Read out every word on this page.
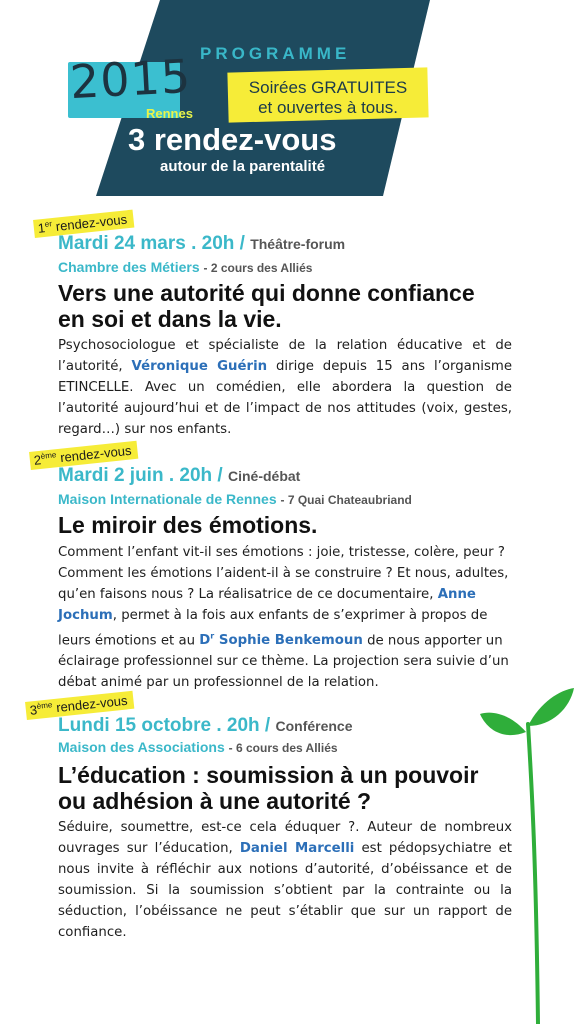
PROGRAMME
2015
Rennes
Soirées GRATUITES
et ouvertes à tous.
3 rendez-vous
autour de la parentalité
1er rendez-vous
Mardi 24 mars . 20h / Théâtre-forum
Chambre des Métiers - 2 cours des Alliés
Vers une autorité qui donne confiance
en soi et dans la vie.
Psychosociologue et spécialiste de la relation éducative et de l’autorité, Véronique Guérin dirige depuis 15 ans l’organisme ETINCELLE. Avec un comédien, elle abordera la question de l’autorité aujourd’hui et de l’impact de nos attitudes (voix, gestes, regard…) sur nos enfants.
2ème rendez-vous
Mardi 2 juin . 20h / Ciné-débat
Maison Internationale de Rennes - 7 Quai Chateaubriand
Le miroir des émotions.
Comment l’enfant vit-il ses émotions : joie, tristesse, colère, peur ? Comment les émotions l’aident-il à se construire ? Et nous, adultes, qu’en faisons nous ? La réalisatrice de ce documentaire, Anne Jochum, permet à la fois aux enfants de s’exprimer à propos de leurs émotions et au $D^r$ Sophie Benkemoun de nous apporter un éclairage professionnel sur ce thème. La projection sera suivie d’un débat animé par un professionnel de la relation.
3ème rendez-vous
Lundi 15 octobre . 20h / Conférence
Maison des Associations - 6 cours des Alliés
L’éducation : soumission à un pouvoir
ou adhésion à une autorité ?
Séduire, soumettre, est-ce cela éduquer ?. Auteur de nombreux ouvrages sur l’éducation, Daniel Marcelli est pédopsychiatre et nous invite à réfléchir aux notions d’autorité, d’obéissance et de soumission. Si la soumission s’obtient par la contrainte ou la séduction, l’obéissance ne peut s’établir que sur un rapport de confiance.
